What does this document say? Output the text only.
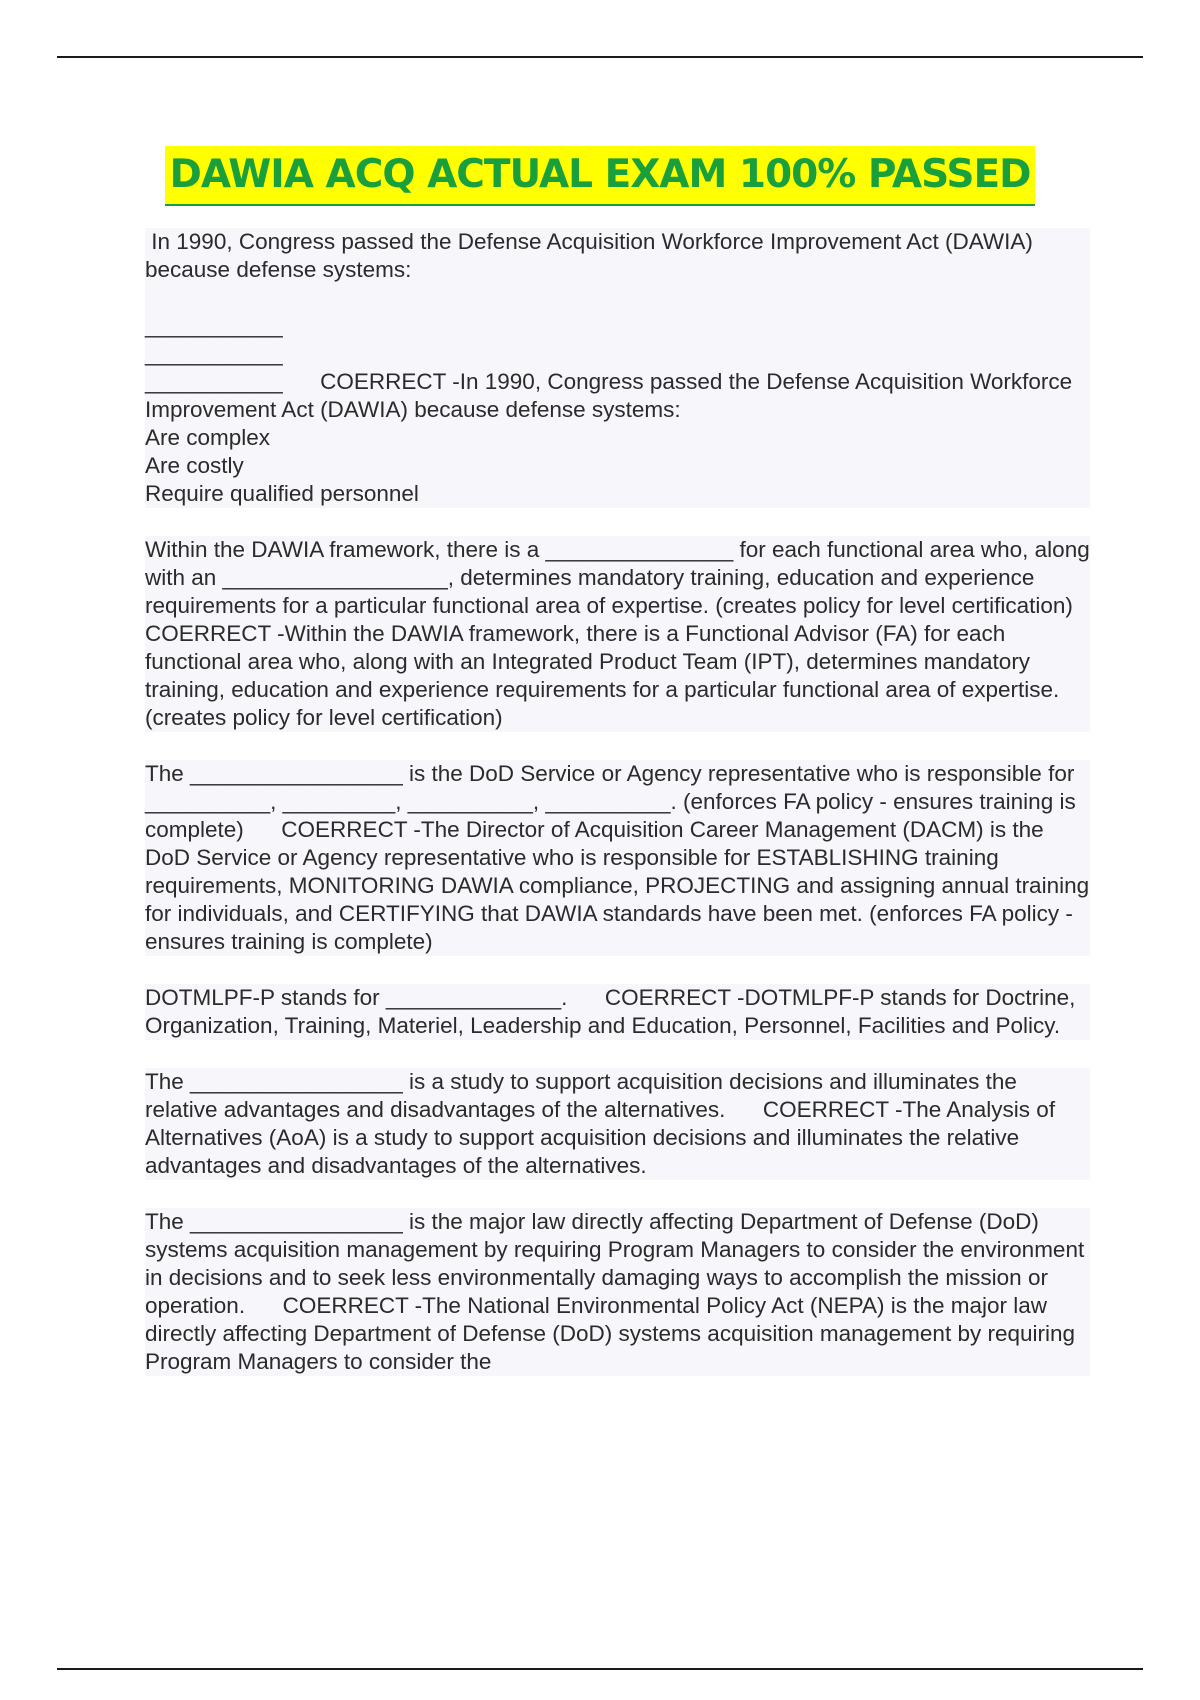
DAWIA ACQ ACTUAL EXAM 100% PASSED
In 1990, Congress passed the Defense Acquisition Workforce Improvement Act (DAWIA) because defense systems:

___________
___________
___________      COERRECT -In 1990, Congress passed the Defense Acquisition Workforce Improvement Act (DAWIA) because defense systems:
Are complex
Are costly
Require qualified personnel
Within the DAWIA framework, there is a _______________ for each functional area who, along with an __________________, determines mandatory training, education and experience requirements for a particular functional area of expertise. (creates policy for level certification)      COERRECT -Within the DAWIA framework, there is a Functional Advisor (FA) for each functional area who, along with an Integrated Product Team (IPT), determines mandatory training, education and experience requirements for a particular functional area of expertise. (creates policy for level certification)
The _________________ is the DoD Service or Agency representative who is responsible for __________, _________, __________, __________. (enforces FA policy - ensures training is complete)      COERRECT -The Director of Acquisition Career Management (DACM) is the DoD Service or Agency representative who is responsible for ESTABLISHING training requirements, MONITORING DAWIA compliance, PROJECTING and assigning annual training for individuals, and CERTIFYING that DAWIA standards have been met. (enforces FA policy - ensures training is complete)
DOTMLPF-P stands for ______________.      COERRECT -DOTMLPF-P stands for Doctrine, Organization, Training, Materiel, Leadership and Education, Personnel, Facilities and Policy.
The _________________ is a study to support acquisition decisions and illuminates the relative advantages and disadvantages of the alternatives.      COERRECT -The Analysis of Alternatives (AoA) is a study to support acquisition decisions and illuminates the relative advantages and disadvantages of the alternatives.
The _________________ is the major law directly affecting Department of Defense (DoD) systems acquisition management by requiring Program Managers to consider the environment in decisions and to seek less environmentally damaging ways to accomplish the mission or operation.      COERRECT -The National Environmental Policy Act (NEPA) is the major law directly affecting Department of Defense (DoD) systems acquisition management by requiring Program Managers to consider the
